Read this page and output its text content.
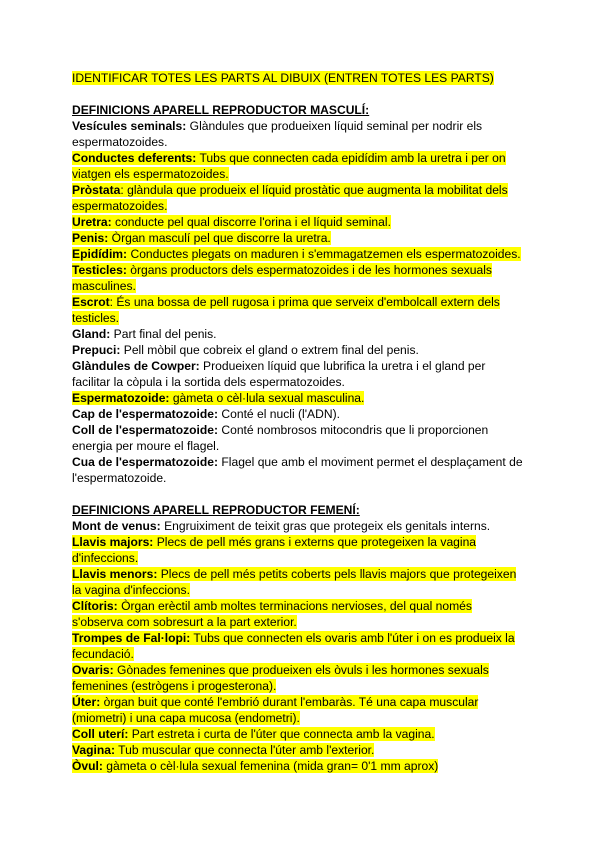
IDENTIFICAR TOTES LES PARTS AL DIBUIX (ENTREN TOTES LES PARTS)
DEFINICIONS APARELL REPRODUCTOR MASCULÍ:
Vesícules seminals: Glàndules que produeixen líquid seminal per nodrir els
espermatozoides.
Conductes deferents: Tubs que connecten cada epidídim amb la uretra i per on
viatgen els espermatozoides.
Pròstata: glàndula que produeix el líquid prostàtic que augmenta la mobilitat dels
espermatozoides.
Uretra: conducte pel qual discorre l'orina i el líquid seminal.
Penis: Òrgan masculí pel que discorre la uretra.
Epidídim: Conductes plegats on maduren i s'emmagatzemen els espermatozoides.
Testicles: òrgans productors dels espermatozoides i de les hormones sexuals
masculines.
Escrot: És una bossa de pell rugosa i prima que serveix d'embolcall extern dels
testicles.
Gland: Part final del penis.
Prepuci: Pell mòbil que cobreix el gland o extrem final del penis.
Glàndules de Cowper: Produeixen líquid que lubrifica la uretra i el gland per
facilitar la còpula i la sortida dels espermatozoides.
Espermatozoide: gàmeta o cèl·lula sexual masculina.
Cap de l'espermatozoide: Conté el nucli (l'ADN).
Coll de l'espermatozoide: Conté nombrosos mitocondris que li proporcionen
energia per moure el flagel.
Cua de l'espermatozoide: Flagel que amb el moviment permet el desplaçament de
l'espermatozoide.
DEFINICIONS APARELL REPRODUCTOR FEMENÍ:
Mont de venus: Engruiximent de teixit gras que protegeix els genitals interns.
Llavis majors: Plecs de pell més grans i externs que protegeixen la vagina
d'infeccions.
Llavis menors: Plecs de pell més petits coberts pels llavis majors que protegeixen
la vagina d'infeccions.
Clítoris: Òrgan erèctil amb moltes terminacions nervioses, del qual només
s'observa com sobresurt a la part exterior.
Trompes de Fal·lopi: Tubs que connecten els ovaris amb l'úter i on es produeix la
fecundació.
Ovaris: Gònades femenines que produeixen els òvuls i les hormones sexuals
femenines (estrògens i progesterona).
Úter: òrgan buit que conté l'embrió durant l'embaràs. Té una capa muscular
(miometri) i una capa mucosa (endometri).
Coll uterí: Part estreta i curta de l'úter que connecta amb la vagina.
Vagina: Tub muscular que connecta l'úter amb l'exterior.
Òvul: gàmeta o cèl·lula sexual femenina (mida gran= 0'1 mm aprox)
